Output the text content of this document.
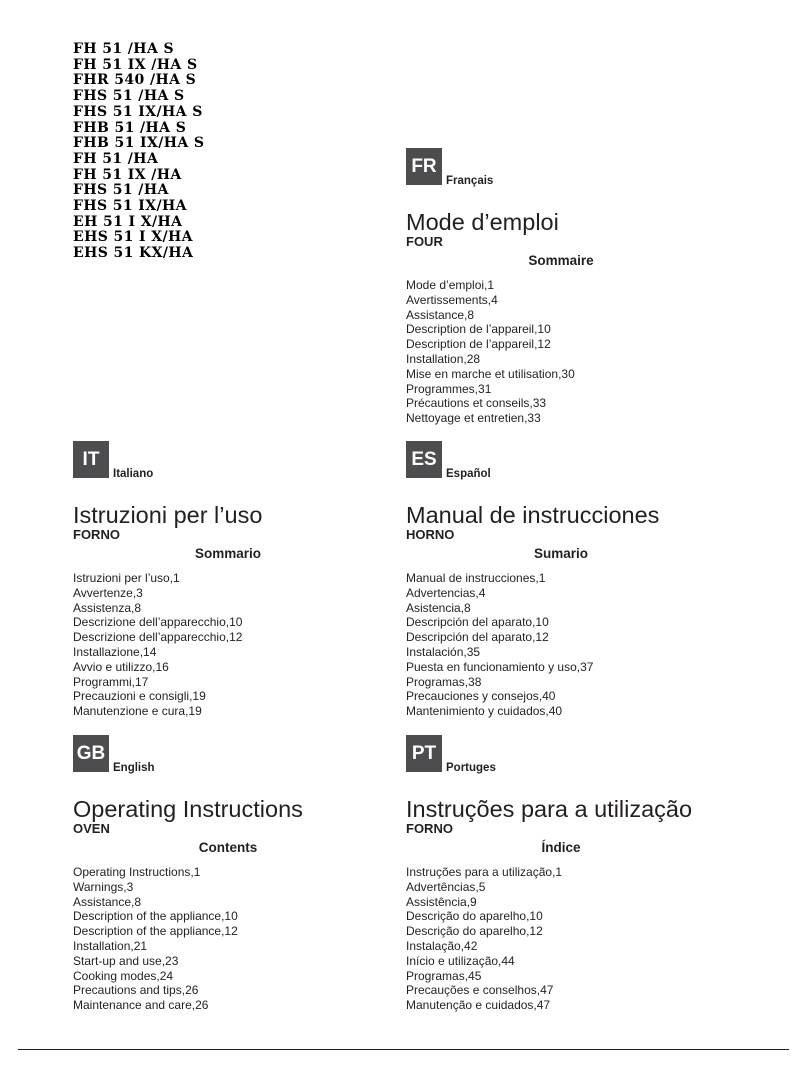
FH 51 /HA S
FH 51 IX /HA S
FHR 540 /HA S
FHS 51 /HA S
FHS 51 IX/HA S
FHB 51 /HA S
FHB 51 IX/HA S
FH 51 /HA
FH 51 IX /HA
FHS 51 /HA
FHS 51 IX/HA
EH 51 I X/HA
EHS 51 I X/HA
EHS 51 KX/HA
FR
Français
Mode d’emploi
FOUR
Sommaire
Mode d’emploi,1
Avertissements,4
Assistance,8
Description de l’appareil,10
Description de l’appareil,12
Installation,28
Mise en marche et utilisation,30
Programmes,31
Précautions et conseils,33
Nettoyage et entretien,33
IT
Italiano
Istruzioni per l’uso
FORNO
Sommario
Istruzioni per l’uso,1
Avvertenze,3
Assistenza,8
Descrizione dell’apparecchio,10
Descrizione dell’apparecchio,12
Installazione,14
Avvio e utilizzo,16
Programmi,17
Precauzioni e consigli,19
Manutenzione e cura,19
ES
Español
Manual de instrucciones
HORNO
Sumario
Manual de instrucciones,1
Advertencias,4
Asistencia,8
Descripción del aparato,10
Descripción del aparato,12
Instalación,35
Puesta en funcionamiento y uso,37
Programas,38
Precauciones y consejos,40
Mantenimiento y cuidados,40
GB
English
Operating Instructions
OVEN
Contents
Operating Instructions,1
Warnings,3
Assistance,8
Description of the appliance,10
Description of the appliance,12
Installation,21
Start-up and use,23
Cooking modes,24
Precautions and tips,26
Maintenance and care,26
PT
Portuges
Instruções para a utilização
FORNO
Índice
Instruções para a utilização,1
Advertências,5
Assistência,9
Descrição do aparelho,10
Descrição do aparelho,12
Instalação,42
Início e utilização,44
Programas,45
Precauções e conselhos,47
Manutenção e cuidados,47
